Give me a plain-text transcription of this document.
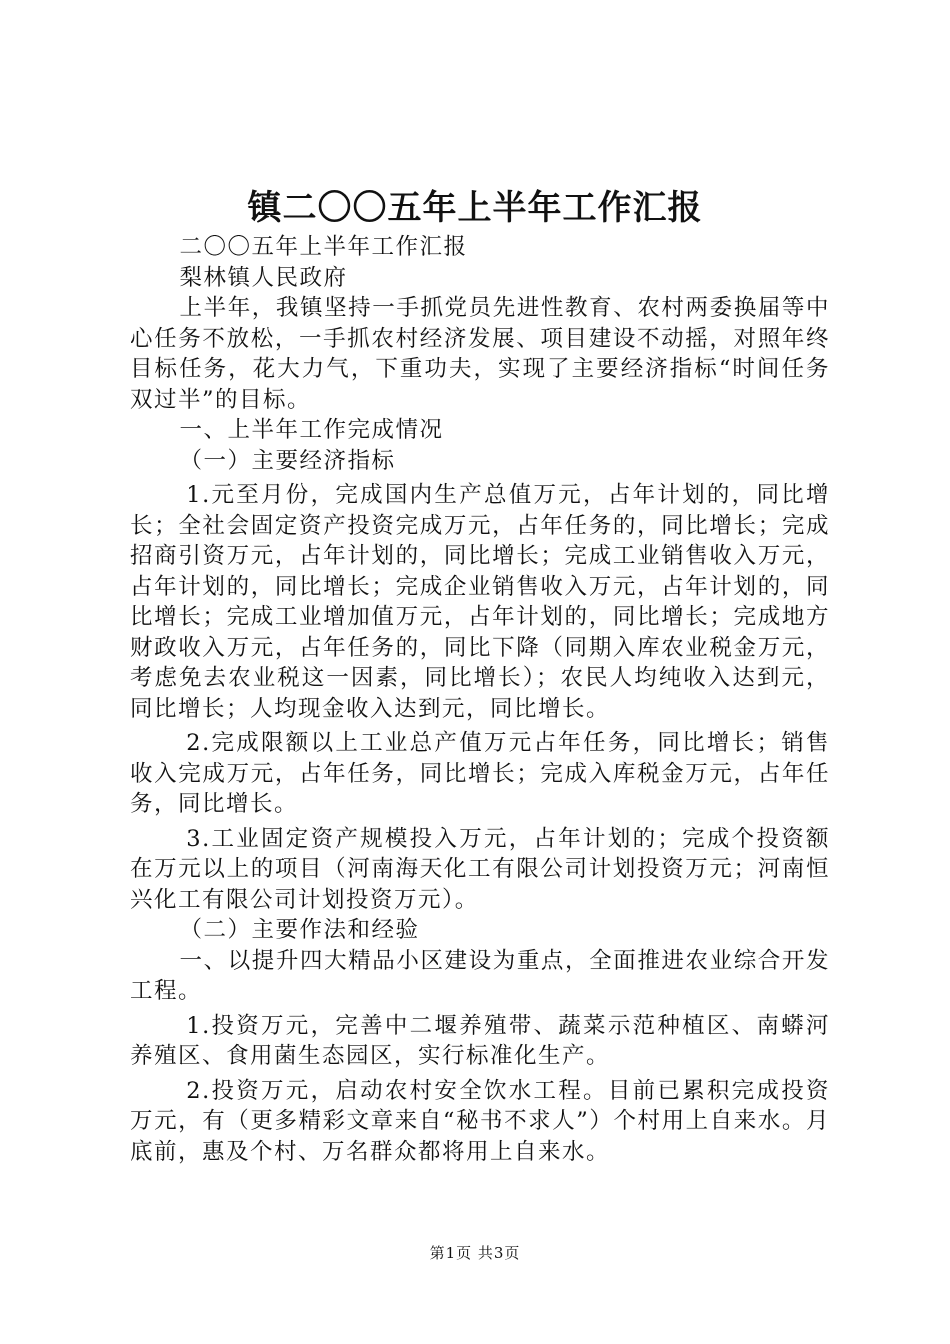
镇二〇〇五年上半年工作汇报

二〇〇五年上半年工作汇报

梨林镇人民政府

上半年，我镇坚持一手抓党员先进性教育、农村两委换届等中心任务不放松，一手抓农村经济发展、项目建设不动摇，对照年终目标任务，花大力气，下重功夫，实现了主要经济指标“时间任务双过半”的目标。

一、上半年工作完成情况

（一）主要经济指标

1.元至月份，完成国内生产总值万元，占年计划的，同比增长；全社会固定资产投资完成万元，占年任务的，同比增长；完成招商引资万元，占年计划的，同比增长；完成工业销售收入万元，占年计划的，同比增长；完成企业销售收入万元，占年计划的，同比增长；完成工业增加值万元，占年计划的，同比增长；完成地方财政收入万元，占年任务的，同比下降（同期入库农业税金万元，考虑免去农业税这一因素，同比增长）；农民人均纯收入达到元，同比增长；人均现金收入达到元，同比增长。

2.完成限额以上工业总产值万元占年任务，同比增长；销售收入完成万元，占年任务，同比增长；完成入库税金万元，占年任务，同比增长。

3.工业固定资产规模投入万元，占年计划的；完成个投资额在万元以上的项目（河南海天化工有限公司计划投资万元；河南恒兴化工有限公司计划投资万元）。

（二）主要作法和经验

一、以提升四大精品小区建设为重点，全面推进农业综合开发工程。

1.投资万元，完善中二堰养殖带、蔬菜示范种植区、南蟒河养殖区、食用菌生态园区，实行标准化生产。

2.投资万元，启动农村安全饮水工程。目前已累积完成投资万元，有（更多精彩文章来自“秘书不求人”）个村用上自来水。月底前，惠及个村、万名群众都将用上自来水。

第1页 共3页
